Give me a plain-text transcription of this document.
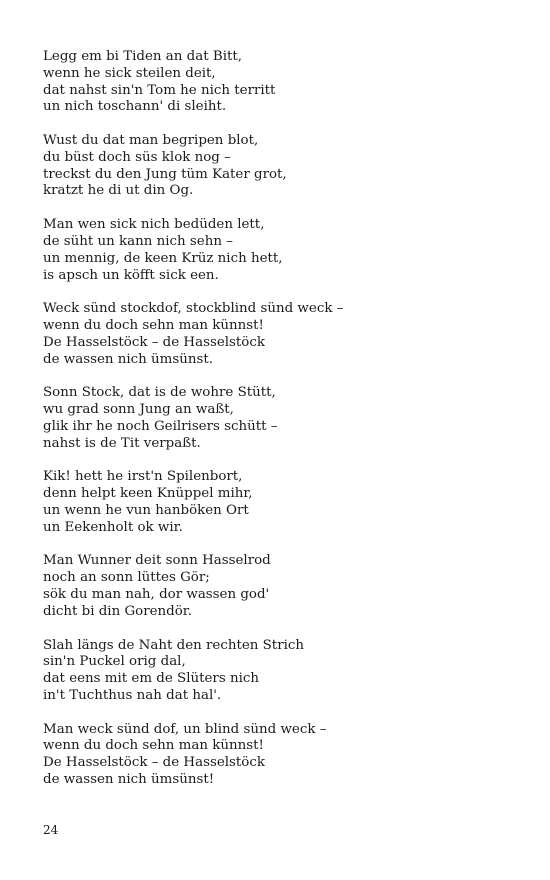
Legg em bi Tiden an dat Bitt,
wenn he sick steilen deit,
dat nahst sin'n Tom he nich territt
un nich toschann' di sleiht.
Wust du dat man begripen blot,
du büst doch süs klok nog –
treckst du den Jung tüm Kater grot,
kratzt he di ut din Og.
Man wen sick nich bedüden lett,
de süht un kann nich sehn –
un mennig, de keen Krüz nich hett,
is apsch un köfft sick een.
Weck sünd stockdof, stockblind sünd weck –
wenn du doch sehn man künnst!
De Hasselstöck – de Hasselstöck
de wassen nich ümsünst.
Sonn Stock, dat is de wohre Stütt,
wu grad sonn Jung an waßt,
glik ihr he noch Geilrisers schütt –
nahst is de Tit verpaßt.
Kik! hett he irst'n Spilenbort,
denn helpt keen Knüppel mihr,
un wenn he vun hanböken Ort
un Eekenholt ok wir.
Man Wunner deit sonn Hasselrod
noch an sonn lüttes Gör;
sök du man nah, dor wassen god'
dicht bi din Gorendör.
Slah längs de Naht den rechten Strich
sin'n Puckel orig dal,
dat eens mit em de Slüters nich
in't Tuchthus nah dat hal'.
Man weck sünd dof, un blind sünd weck –
wenn du doch sehn man künnst!
De Hasselstöck – de Hasselstöck
de wassen nich ümsünst!
24
